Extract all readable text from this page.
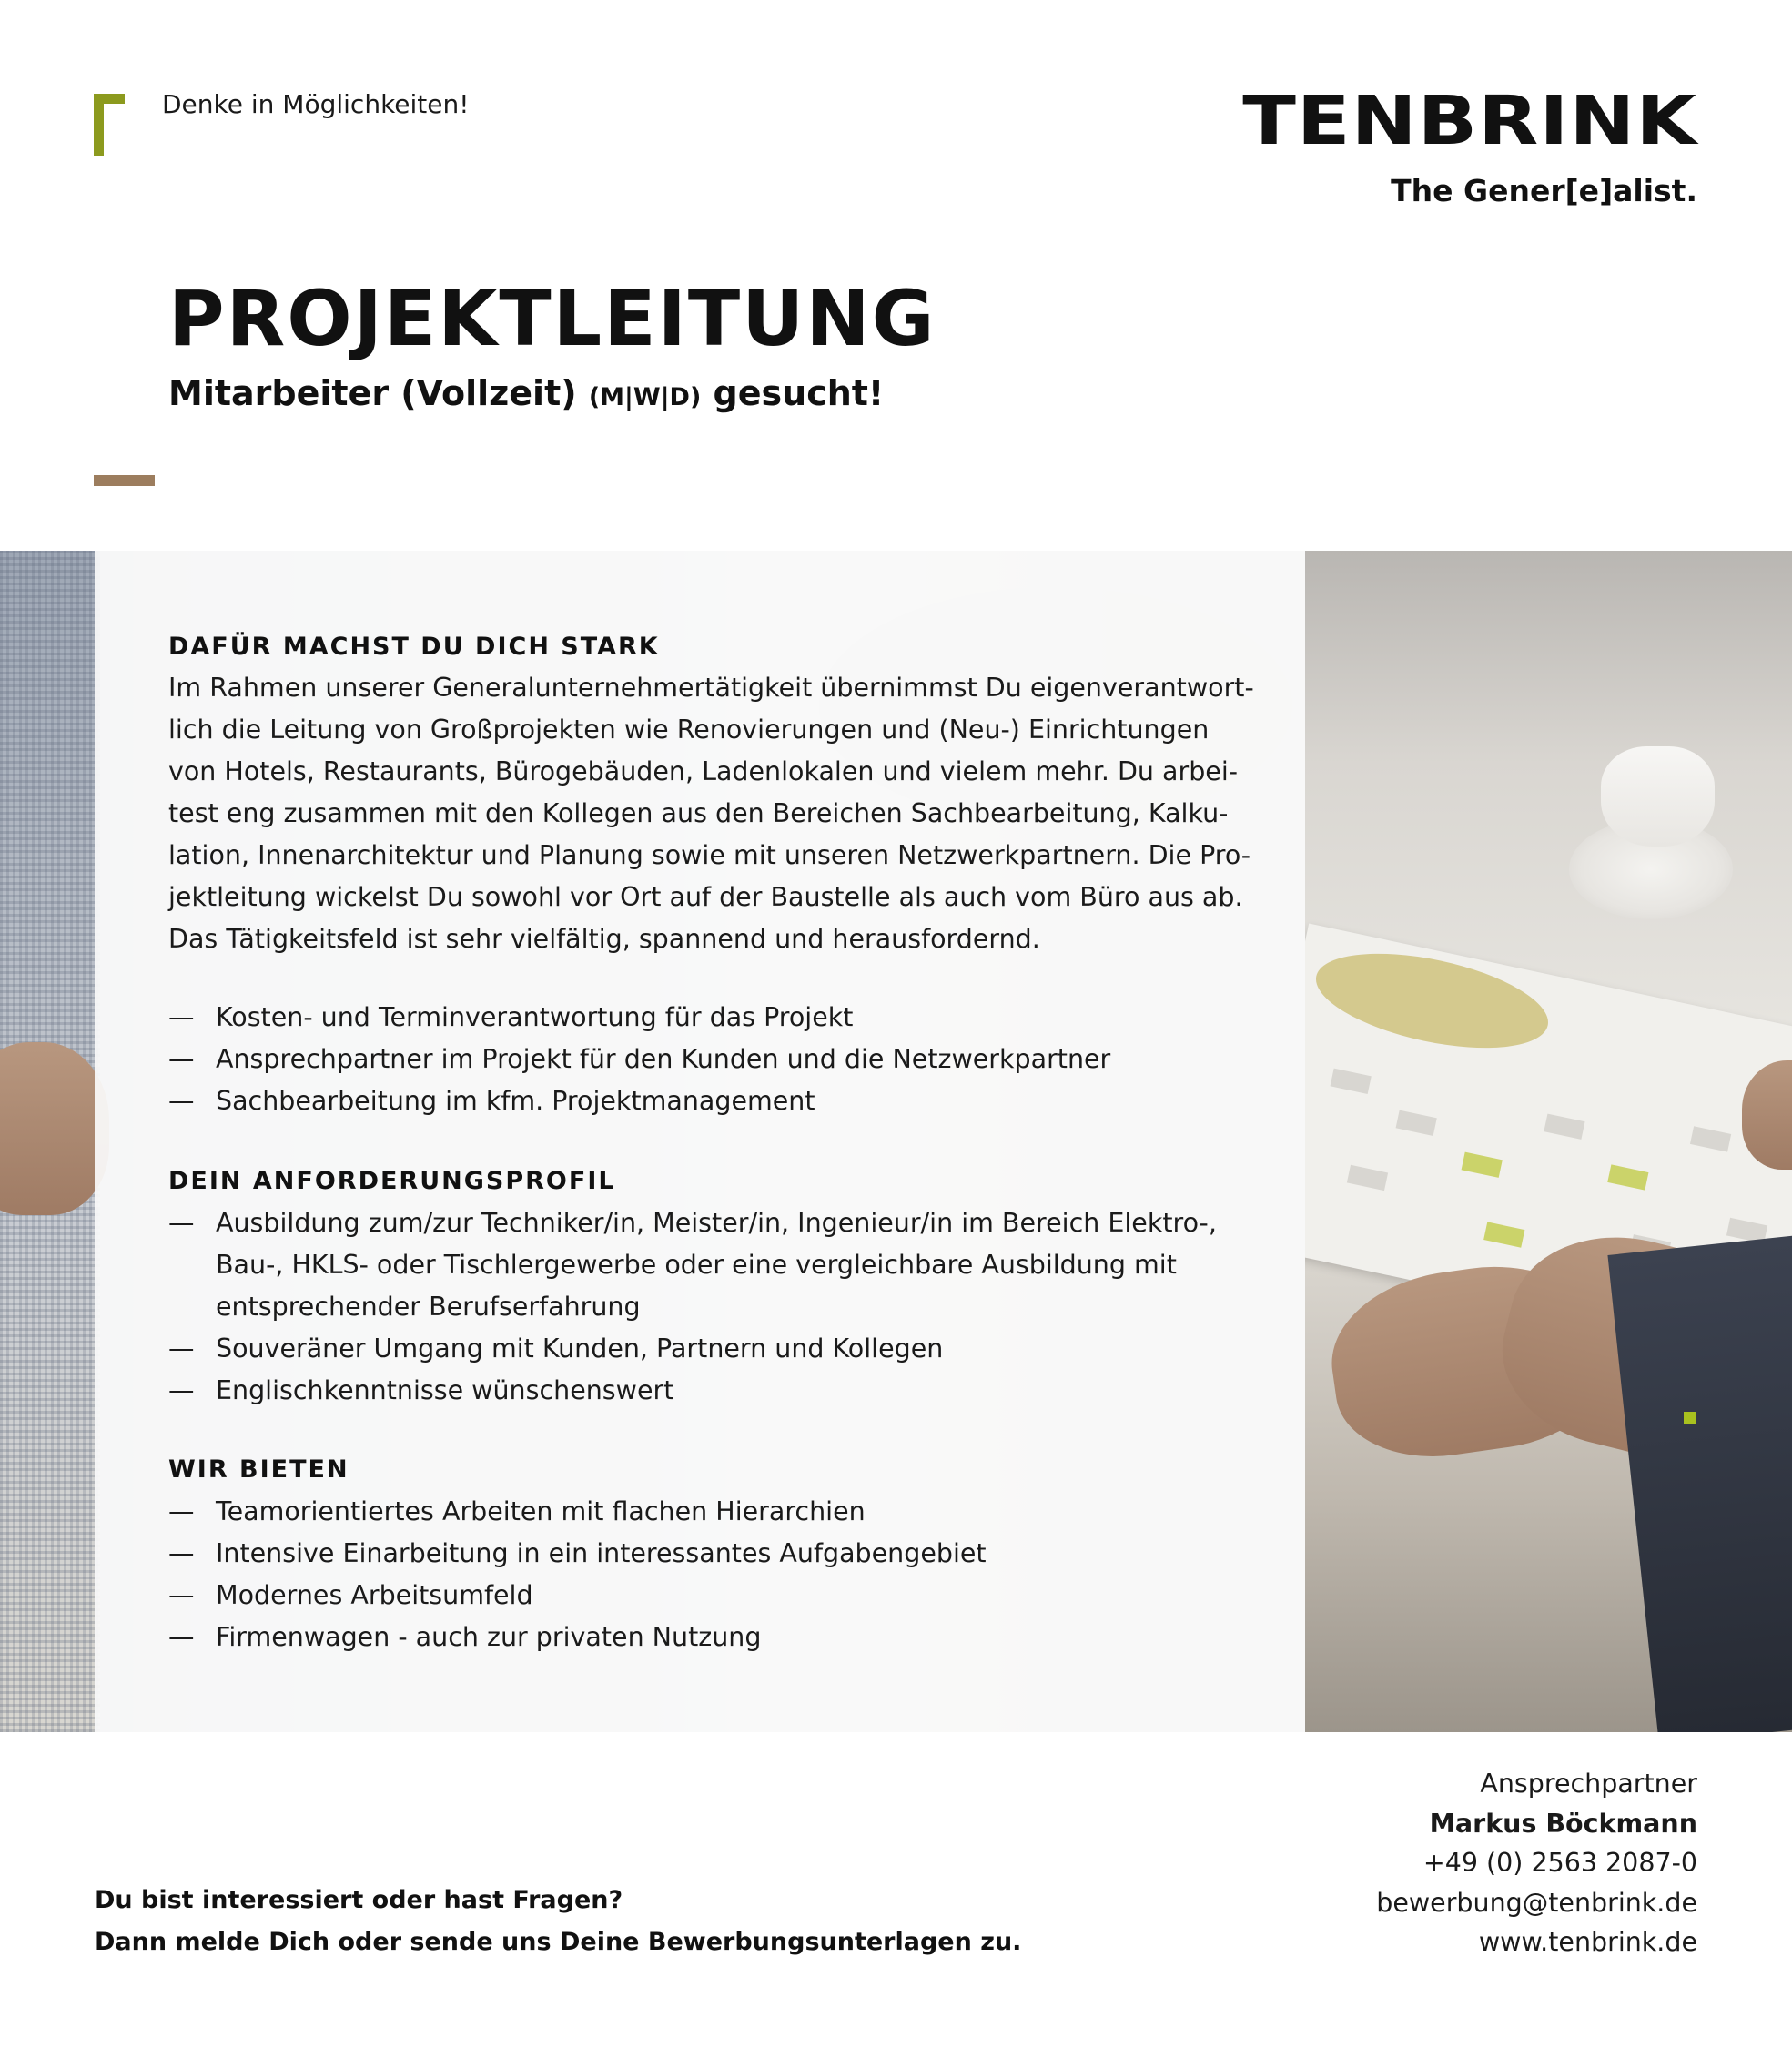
Denke in Möglichkeiten!	TENBRINK
The Gener[e]alist.
PROJEKTLEITUNG
Mitarbeiter (Vollzeit) (M|W|D) gesucht!
DAFÜR MACHST DU DICH STARK
Im Rahmen unserer Generalunternehmertätigkeit übernimmst Du eigenverantwort-
lich die Leitung von Großprojekten wie Renovierungen und (Neu-) Einrichtungen
von Hotels, Restaurants, Bürogebäuden, Ladenlokalen und vielem mehr. Du arbei-
test eng zusammen mit den Kollegen aus den Bereichen Sachbearbeitung, Kalku-
lation, Innenarchitektur und Planung sowie mit unseren Netzwerkpartnern. Die Pro-
jektleitung wickelst Du sowohl vor Ort auf der Baustelle als auch vom Büro aus ab.
Das Tätigkeitsfeld ist sehr vielfältig, spannend und herausfordernd.
— Kosten- und Terminverantwortung für das Projekt
— Ansprechpartner im Projekt für den Kunden und die Netzwerkpartner
— Sachbearbeitung im kfm. Projektmanagement
DEIN ANFORDERUNGSPROFIL
— Ausbildung zum/zur Techniker/in, Meister/in, Ingenieur/in im Bereich Elektro-,
Bau-, HKLS- oder Tischlergewerbe oder eine vergleichbare Ausbildung mit
entsprechender Berufserfahrung
— Souveräner Umgang mit Kunden, Partnern und Kollegen
— Englischkenntnisse wünschenswert
WIR BIETEN
— Teamorientiertes Arbeiten mit flachen Hierarchien
— Intensive Einarbeitung in ein interessantes Aufgabengebiet
— Modernes Arbeitsumfeld
— Firmenwagen - auch zur privaten Nutzung
Du bist interessiert oder hast Fragen?
Dann melde Dich oder sende uns Deine Bewerbungsunterlagen zu.
Ansprechpartner
Markus Böckmann
+49 (0) 2563 2087-0
bewerbung@tenbrink.de
www.tenbrink.de
